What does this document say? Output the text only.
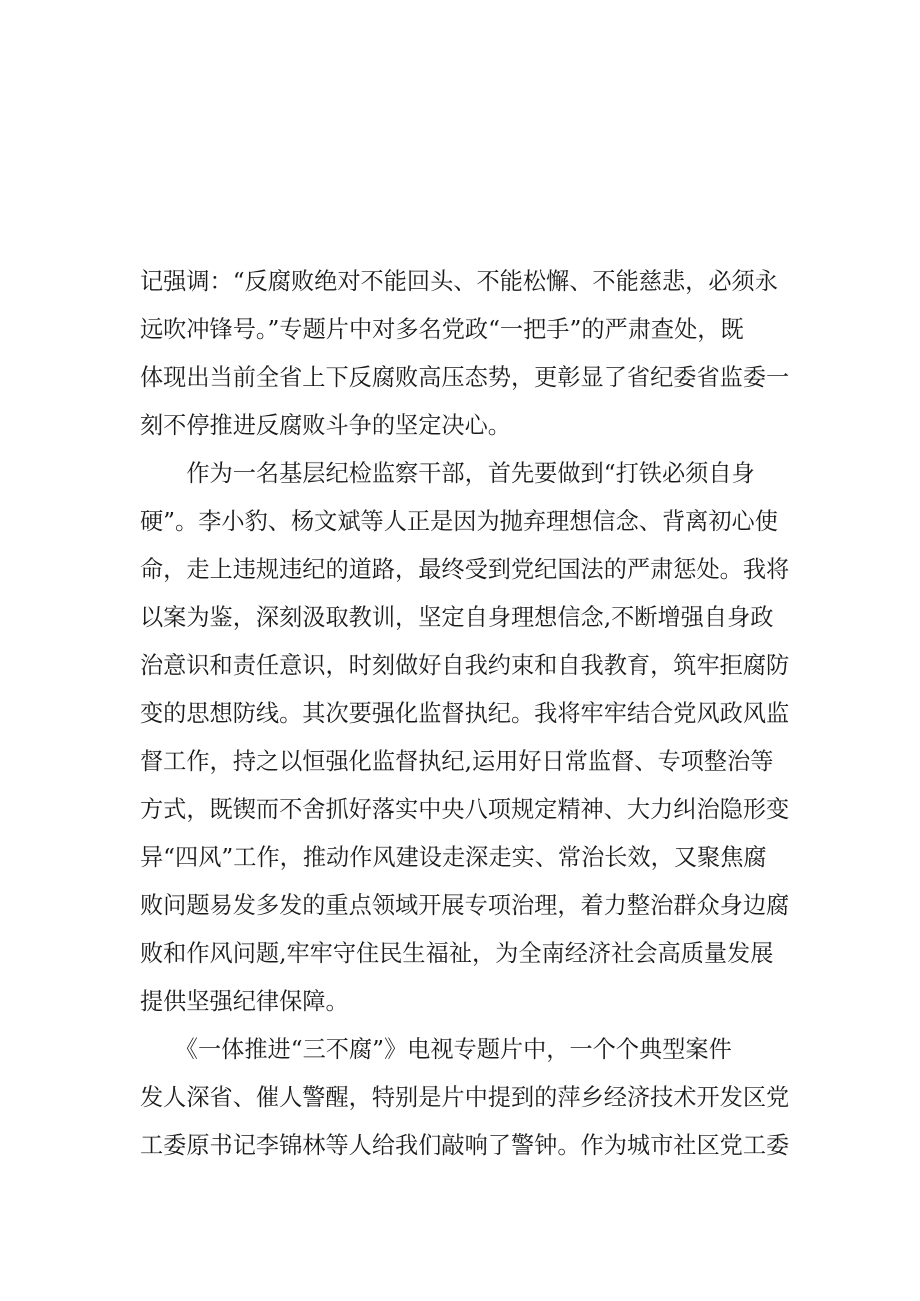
记强调：“反腐败绝对不能回头、不能松懈、不能慈悲，必须永
远吹冲锋号。”专题片中对多名党政“一把手”的严肃查处，既
体现出当前全省上下反腐败高压态势，更彰显了省纪委省监委一
刻不停推进反腐败斗争的坚定决心。
　　作为一名基层纪检监察干部，首先要做到“打铁必须自身
硬”。李小豹、杨文斌等人正是因为抛弃理想信念、背离初心使
命，走上违规违纪的道路，最终受到党纪国法的严肃惩处。我将
以案为鉴，深刻汲取教训，坚定自身理想信念,不断增强自身政
治意识和责任意识，时刻做好自我约束和自我教育，筑牢拒腐防
变的思想防线。其次要强化监督执纪。我将牢牢结合党风政风监
督工作，持之以恒强化监督执纪,运用好日常监督、专项整治等
方式，既锲而不舍抓好落实中央八项规定精神、大力纠治隐形变
异“四风”工作，推动作风建设走深走实、常治长效，又聚焦腐
败问题易发多发的重点领域开展专项治理，着力整治群众身边腐
败和作风问题,牢牢守住民生福祉，为全南经济社会高质量发展
提供坚强纪律保障。
　　《一体推进“三不腐”》电视专题片中，一个个典型案件
发人深省、催人警醒，特别是片中提到的萍乡经济技术开发区党
工委原书记李锦林等人给我们敲响了警钟。作为城市社区党工委
